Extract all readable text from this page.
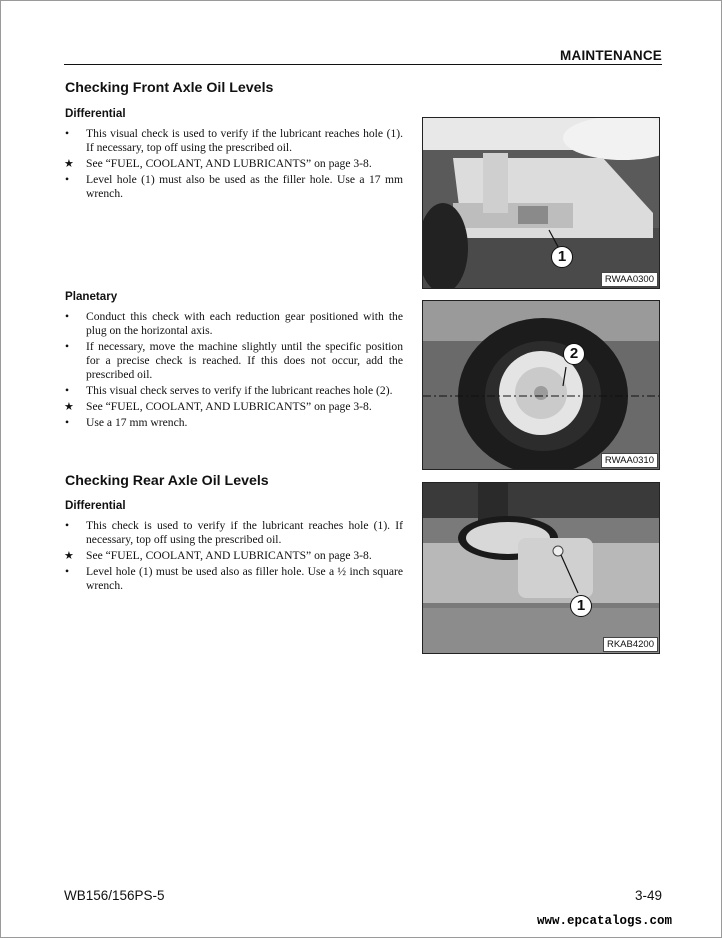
MAINTENANCE
Checking Front Axle Oil Levels
Differential
•	This visual check is used to verify if the lubricant reaches hole (1). If necessary, top off using the prescribed oil.
★ See “FUEL, COOLANT, AND LUBRICANTS” on page 3-8.
•	Level hole (1) must also be used as the filler hole. Use a 17 mm wrench.
1
RWAA0300
Planetary
•	Conduct this check with each reduction gear positioned with the plug on the horizontal axis.
•	If necessary, move the machine slightly until the specific position for a precise check is reached. If this does not occur, add the prescribed oil.
•	This visual check serves to verify if the lubricant reaches hole (2).
★ See “FUEL, COOLANT, AND LUBRICANTS” on page 3-8.
•	Use a 17 mm wrench.
2
RWAA0310
Checking Rear Axle Oil Levels
Differential
•	This check is used to verify if the lubricant reaches hole (1). If necessary, top off using the prescribed oil.
★ See “FUEL, COOLANT, AND LUBRICANTS” on page 3-8.
•	Level hole (1) must be used also as filler hole. Use a ½ inch square wrench.
1
RKAB4200
WB156/156PS-5	3-49
www.epcatalogs.com
